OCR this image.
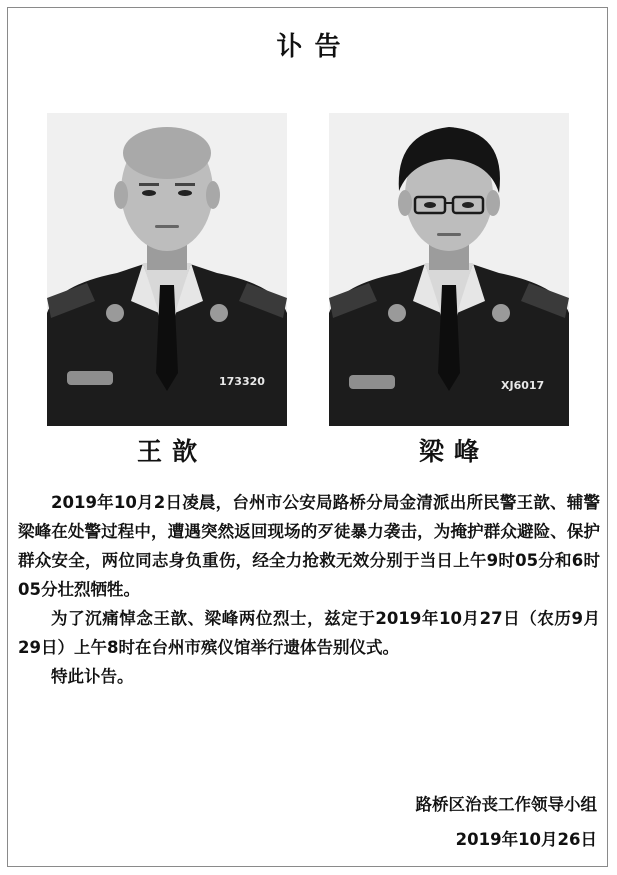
讣告
173320	XJ6017
王歆	梁峰

2019年10月2日凌晨，台州市公安局路桥分局金清派出所民警王歆、辅警梁峰在处警过程中，遭遇突然返回现场的歹徒暴力袭击，为掩护群众避险、保护群众安全，两位同志身负重伤，经全力抢救无效分别于当日上午9时05分和6时05分壮烈牺牲。

为了沉痛悼念王歆、梁峰两位烈士，兹定于2019年10月27日（农历9月29日）上午8时在台州市殡仪馆举行遗体告别仪式。

特此讣告。

路桥区治丧工作领导小组
2019年10月26日
